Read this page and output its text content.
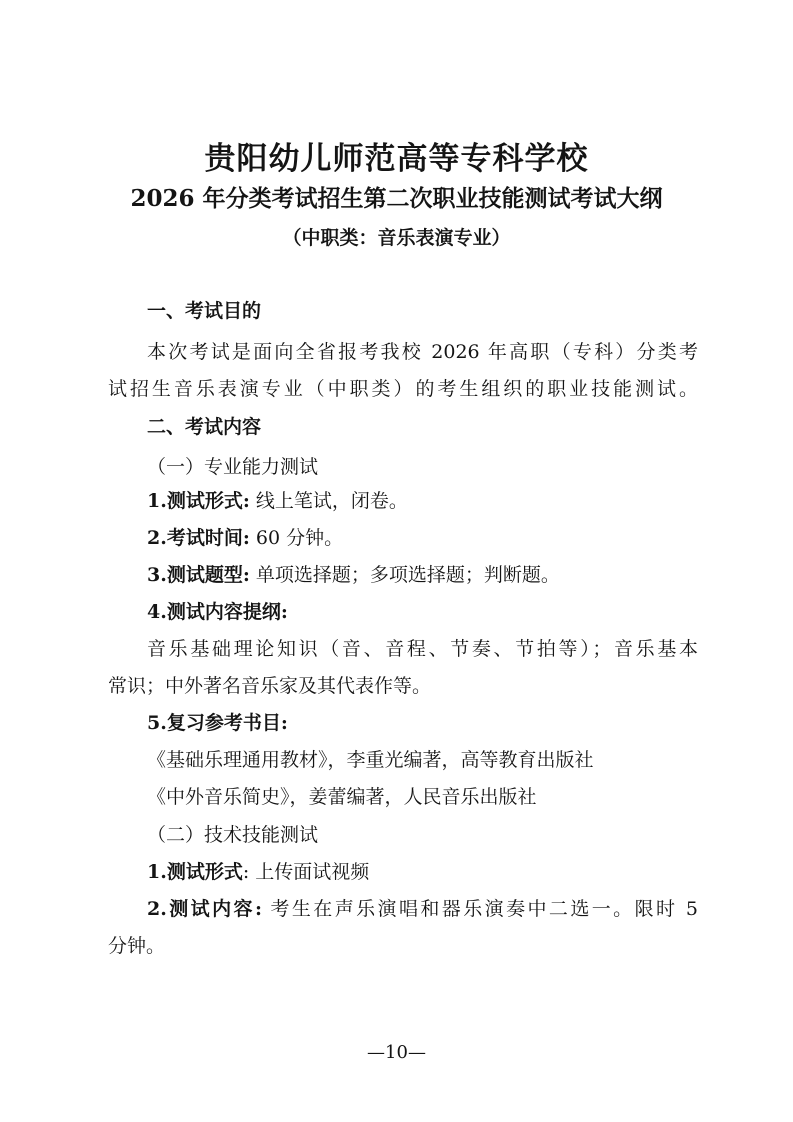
贵阳幼儿师范高等专科学校
2026 年分类考试招生第二次职业技能测试考试大纲
（中职类：音乐表演专业）
一、考试目的
本次考试是面向全省报考我校 2026 年高职（专科）分类考
试招生音乐表演专业（中职类）的考生组织的职业技能测试。
二、考试内容
（一）专业能力测试
1.测试形式: 线上笔试，闭卷。
2.考试时间: 60 分钟。
3.测试题型: 单项选择题；多项选择题；判断题。
4.测试内容提纲:
音乐基础理论知识（音、音程、节奏、节拍等）；音乐基本
常识；中外著名音乐家及其代表作等。
5.复习参考书目:
《基础乐理通用教材》，李重光编著，高等教育出版社
《中外音乐简史》，姜蕾编著，人民音乐出版社
（二）技术技能测试
1.测试形式: 上传面试视频
2.测试内容: 考生在声乐演唱和器乐演奏中二选一。限时 5
分钟。
—10—
